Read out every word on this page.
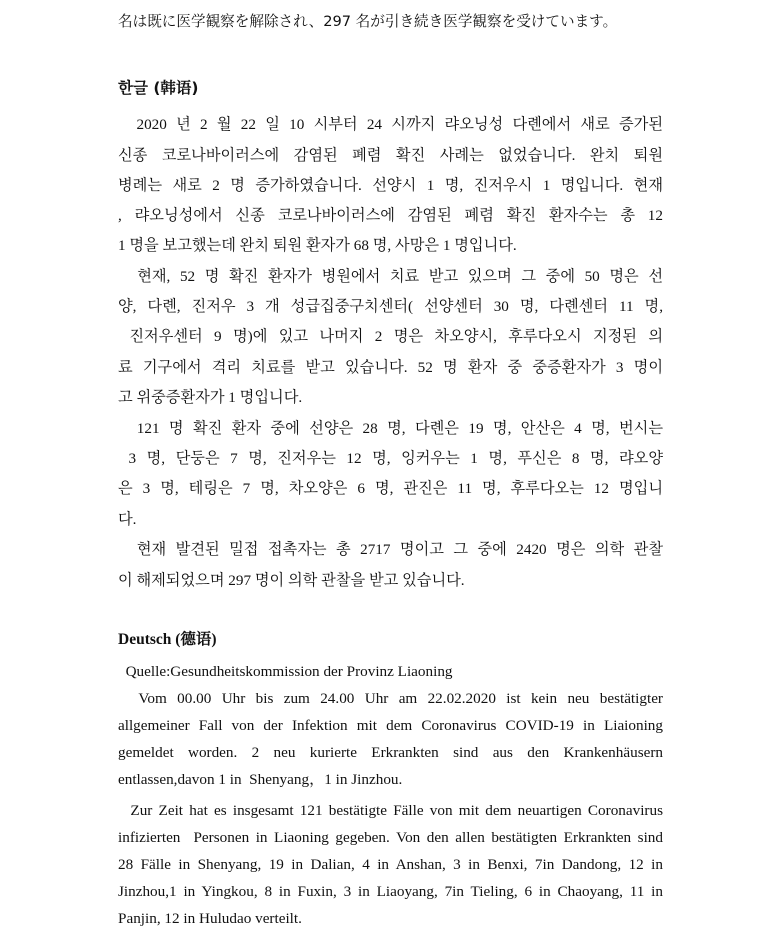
名は既に医学観察を解除され、297 名が引き続き医学観察を受けています。
한글 (韩语)
2020 년 2 월 22 일 10 시부터 24 시까지 랴오닝성 다롄에서 새로 증가된
신종 코로나바이러스에 감염된 폐렴 확진 사례는 없었습니다. 완치 퇴원
병례는 새로 2 명 증가하였습니다. 선양시 1 명, 진저우시 1 명입니다. 현재
, 랴오닝성에서 신종 코로나바이러스에 감염된 폐렴 확진 환자수는 총 12
1 명을 보고했는데 완치 퇴원 환자가 68 명, 사망은 1 명입니다.
현재, 52 명 확진 환자가 병원에서 치료 받고 있으며 그 중에 50 명은 선
양, 다롄, 진저우 3 개 성급집중구치센터( 선양센터 30 명, 다롄센터 11 명,
진저우센터 9 명)에 있고 나머지 2 명은 차오양시, 후루다오시 지정된 의
료 기구에서 격리 치료를 받고 있습니다. 52 명 환자 중 중증환자가 3 명이
고 위중증환자가 1 명입니다.
121 명 확진 환자 중에 선양은 28 명, 다롄은 19 명, 안산은 4 명, 번시는
3 명, 단둥은 7 명, 진저우는 12 명, 잉커우는 1 명, 푸신은 8 명, 랴오양
은 3 명, 테링은 7 명, 차오양은 6 명, 관진은 11 명, 후루다오는 12 명입니
다.
현재 발견된 밀접 접촉자는 총 2717 명이고 그 중에 2420 명은 의학 관찰
이 해제되었으며 297 명이 의학 관찰을 받고 있습니다.
Deutsch (德语)
Quelle:Gesundheitskommission der Provinz Liaoning
Vom 00.00 Uhr bis zum 24.00 Uhr am 22.02.2020 ist kein neu bestätigter
allgemeiner Fall von der Infektion mit dem Coronavirus COVID-19 in Liaioning
gemeldet worden. 2 neu kurierte Erkrankten sind aus den Krankenhäusern
entlassen,davon 1 in  Shenyang，1 in Jinzhou.
Zur Zeit hat es insgesamt 121 bestätigte Fälle von mit dem neuartigen Coronavirus
infizierten  Personen in Liaoning gegeben. Von den allen bestätigten Erkrankten sind
28 Fälle in Shenyang, 19 in Dalian, 4 in Anshan, 3 in Benxi, 7in Dandong, 12 in
Jinzhou,1 in Yingkou, 8 in Fuxin, 3 in Liaoyang, 7in Tieling, 6 in Chaoyang, 11 in
Panjin, 12 in Huludao verteilt.
